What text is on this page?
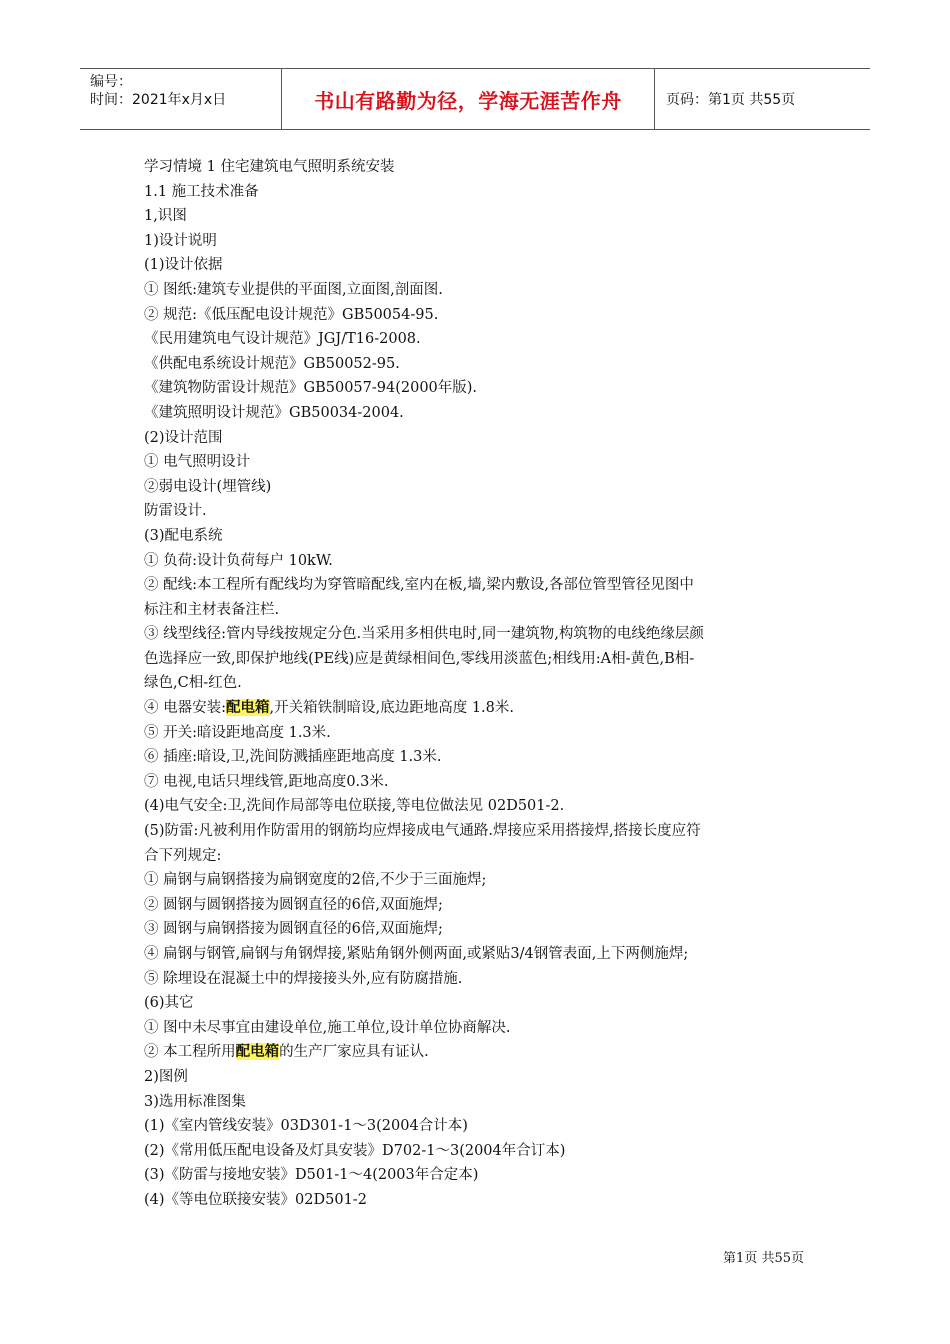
编号：
时间：2021年x月x日	书山有路勤为径，学海无涯苦作舟	页码：第1页 共55页
学习情境 1 住宅建筑电气照明系统安装
1.1 施工技术准备
1,识图
1)设计说明
(1)设计依据
① 图纸:建筑专业提供的平面图,立面图,剖面图.
② 规范:《低压配电设计规范》GB50054-95.
《民用建筑电气设计规范》JGJ/T16-2008.
《供配电系统设计规范》GB50052-95.
《建筑物防雷设计规范》GB50057-94(2000年版).
《建筑照明设计规范》GB50034-2004.
(2)设计范围
① 电气照明设计
②弱电设计(埋管线)
防雷设计.
(3)配电系统
① 负荷:设计负荷每户 10kW.
② 配线:本工程所有配线均为穿管暗配线,室内在板,墙,梁内敷设,各部位管型管径见图中
标注和主材表备注栏.
③ 线型线径:管内导线按规定分色.当采用多相供电时,同一建筑物,构筑物的电线绝缘层颜
色选择应一致,即保护地线(PE线)应是黄绿相间色,零线用淡蓝色;相线用:A相-黄色,B相-
绿色,C相-红色.
④ 电器安装:配电箱,开关箱铁制暗设,底边距地高度 1.8米.
⑤ 开关:暗设距地高度 1.3米.
⑥ 插座:暗设,卫,洗间防溅插座距地高度 1.3米.
⑦ 电视,电话只埋线管,距地高度0.3米.
(4)电气安全:卫,洗间作局部等电位联接,等电位做法见 02D501-2.
(5)防雷:凡被利用作防雷用的钢筋均应焊接成电气通路.焊接应采用搭接焊,搭接长度应符
合下列规定:
① 扁钢与扁钢搭接为扁钢宽度的2倍,不少于三面施焊;
② 圆钢与圆钢搭接为圆钢直径的6倍,双面施焊;
③ 圆钢与扁钢搭接为圆钢直径的6倍,双面施焊;
④ 扁钢与钢管,扁钢与角钢焊接,紧贴角钢外侧两面,或紧贴3/4钢管表面,上下两侧施焊;
⑤ 除埋设在混凝土中的焊接接头外,应有防腐措施.
(6)其它
① 图中未尽事宜由建设单位,施工单位,设计单位协商解决.
② 本工程所用配电箱的生产厂家应具有证认.
2)图例
3)选用标准图集
(1)《室内管线安装》03D301-1～3(2004合计本)
(2)《常用低压配电设备及灯具安装》D702-1～3(2004年合订本)
(3)《防雷与接地安装》D501-1～4(2003年合定本)
(4)《等电位联接安装》02D501-2
第1页 共55页
